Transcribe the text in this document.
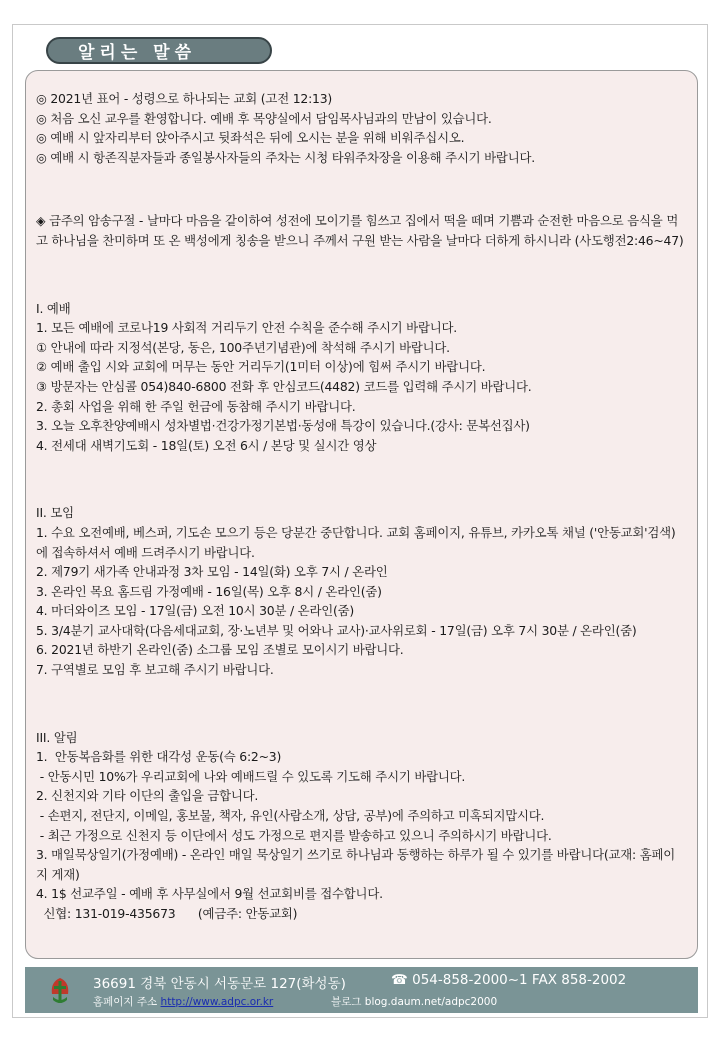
알리는 말씀

◎ 2021년 표어 - 성령으로 하나되는 교회 (고전 12:13)

◎ 처음 오신 교우를 환영합니다. 예배 후 목양실에서 담임목사님과의 만남이 있습니다.

◎ 예배 시 앞자리부터 앉아주시고 뒷좌석은 뒤에 오시는 분을 위해 비워주십시오.

◎ 예배 시 항존직분자들과 종일봉사자들의 주차는 시청 타워주차장을 이용해 주시기 바랍니다.

◈ 금주의 암송구절 - 날마다 마음을 같이하여 성전에 모이기를 힘쓰고 집에서 떡을 떼며 기쁨과 순전한 마음으로 음식을 먹고 하나님을 찬미하며 또 온 백성에게 칭송을 받으니 주께서 구원 받는 사람을 날마다 더하게 하시니라 (사도행전2:46~47)

I. 예배

1. 모든 예배에 코로나19 사회적 거리두기 안전 수칙을 준수해 주시기 바랍니다.

① 안내에 따라 지정석(본당, 동은, 100주년기념관)에 착석해 주시기 바랍니다.

② 예배 출입 시와 교회에 머무는 동안 거리두기(1미터 이상)에 힘써 주시기 바랍니다.

③ 방문자는 안심콜 054)840-6800 전화 후 안심코드(4482) 코드를 입력해 주시기 바랍니다.

2. 총회 사업을 위해 한 주일 헌금에 동참해 주시기 바랍니다.

3. 오늘 오후찬양예배시 성차별법·건강가정기본법·동성애 특강이 있습니다.(강사: 문복선집사)

4. 전세대 새벽기도회 - 18일(토) 오전 6시 / 본당 및 실시간 영상

II. 모임

1. 수요 오전예배, 베스퍼, 기도손 모으기 등은 당분간 중단합니다. 교회 홈페이지, 유튜브, 카카오톡 채널 ('안동교회'검색)에 접속하셔서 예배 드려주시기 바랍니다.

2. 제79기 새가족 안내과정 3차 모임 - 14일(화) 오후 7시 / 온라인

3. 온라인 목요 홈드림 가정예배 - 16일(목) 오후 8시 / 온라인(줌)

4. 마더와이즈 모임 - 17일(금) 오전 10시 30분 / 온라인(줌)

5. 3/4분기 교사대학(다음세대교회, 장·노년부 및 어와나 교사)·교사위로회 - 17일(금) 오후 7시 30분 / 온라인(줌)

6. 2021년 하반기 온라인(줌) 소그룹 모임 조별로 모이시기 바랍니다.

7. 구역별로 모임 후 보고해 주시기 바랍니다.

III. 알림

1.  안동복음화를 위한 대각성 운동(슥 6:2~3)

- 안동시민 10%가 우리교회에 나와 예배드릴 수 있도록 기도해 주시기 바랍니다.

2. 신천지와 기타 이단의 출입을 금합니다.

- 손편지, 전단지, 이메일, 홍보물, 책자, 유인(사람소개, 상담, 공부)에 주의하고 미혹되지맙시다.

- 최근 가정으로 신천지 등 이단에서 성도 가정으로 편지를 발송하고 있으니 주의하시기 바랍니다.

3. 매일묵상일기(가정예배) - 온라인 매일 묵상일기 쓰기로 하나님과 동행하는 하루가 될 수 있기를 바랍니다(교재: 홈페이지 게재)

4. 1$ 선교주일 - 예배 후 사무실에서 9월 선교회비를 접수합니다.

신협: 131-019-435673      (예금주: 안동교회)

36691 경북 안동시 서동문로 127(화성동)	☎ 054-858-2000~1 FAX 858-2002
홈페이지 주소 http://www.adpc.or.kr	블로그 blog.daum.net/adpc2000
